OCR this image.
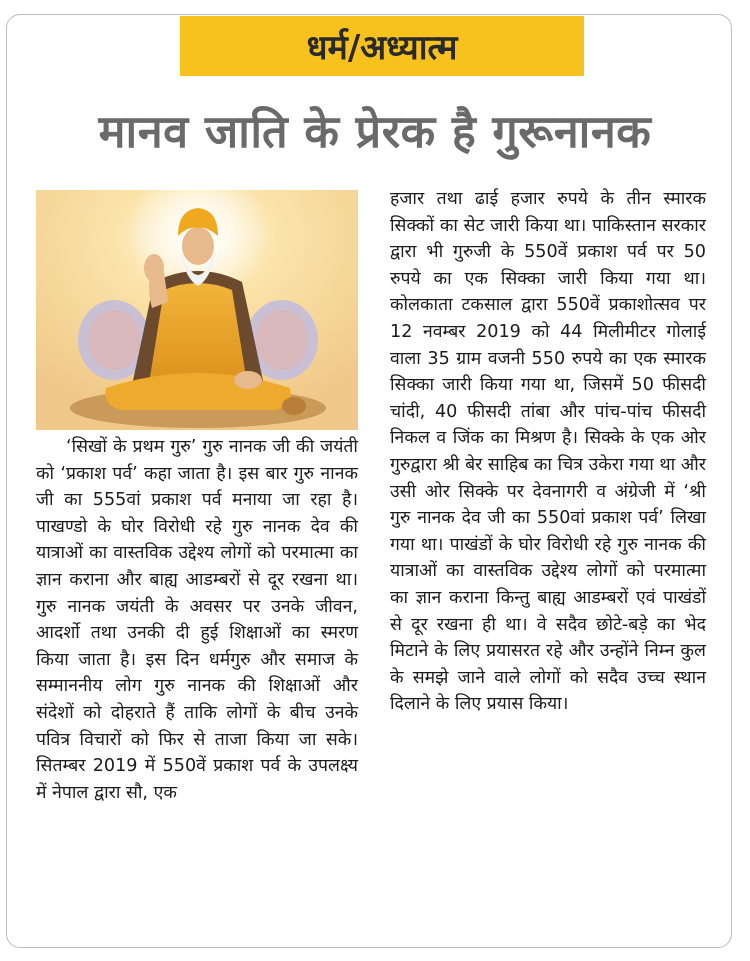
धर्म/अध्यात्म
मानव जाति के प्रेरक है गुरूनानक
‘सिखों के प्रथम गुरु’ गुरु नानक जी की जयंती को ‘प्रकाश पर्व’ कहा जाता है। इस बार गुरु नानक जी का 555वां प्रकाश पर्व मनाया जा रहा है। पाखण्डो के घोर विरोधी रहे गुरु नानक देव की यात्राओं का वास्तविक उद्देश्य लोगों को परमात्मा का ज्ञान कराना और बाह्य आडम्बरों से दूर रखना था। गुरु नानक जयंती के अवसर पर उनके जीवन, आदर्शो तथा उनकी दी हुई शिक्षाओं का स्मरण किया जाता है। इस दिन धर्मगुरु और समाज के सम्माननीय लोग गुरु नानक की शिक्षाओं और संदेशों को दोहराते हैं ताकि लोगों के बीच उनके पवित्र विचारों को फिर से ताजा किया जा सके।सितम्बर 2019 में 550वें प्रकाश पर्व के उपलक्ष्य में नेपाल द्वारा सौ, एक
हजार तथा ढाई हजार रुपये के तीन स्मारक सिक्कों का सेट जारी किया था। पाकिस्तान सरकार द्वारा भी गुरुजी के 550वें प्रकाश पर्व पर 50 रुपये का एक सिक्का जारी किया गया था। कोलकाता टकसाल द्वारा 550वें प्रकाशोत्सव पर 12 नवम्बर 2019 को 44 मिलीमीटर गोलाई वाला 35 ग्राम वजनी 550 रुपये का एक स्मारक सिक्का जारी किया गया था, जिसमें 50 फीसदी चांदी, 40 फीसदी तांबा और पांच-पांच फीसदी निकल व जिंक का मिश्रण है। सिक्के के एक ओर गुरुद्वारा श्री बेर साहिब का चित्र उकेरा गया था और उसी ओर सिक्के पर देवनागरी व अंग्रेजी में ‘श्री गुरु नानक देव जी का 550वां प्रकाश पर्व’ लिखा गया था। पाखंडों के घोर विरोधी रहे गुरु नानक की यात्राओं का वास्तविक उद्देश्य लोगों को परमात्मा का ज्ञान कराना किन्तु बाह्य आडम्बरों एवं पाखंडों से दूर रखना ही था। वे सदैव छोटे-बड़े का भेद मिटाने के लिए प्रयासरत रहे और उन्होंने निम्न कुल के समझे जाने वाले लोगों को सदैव उच्च स्थान दिलाने के लिए प्रयास किया।
